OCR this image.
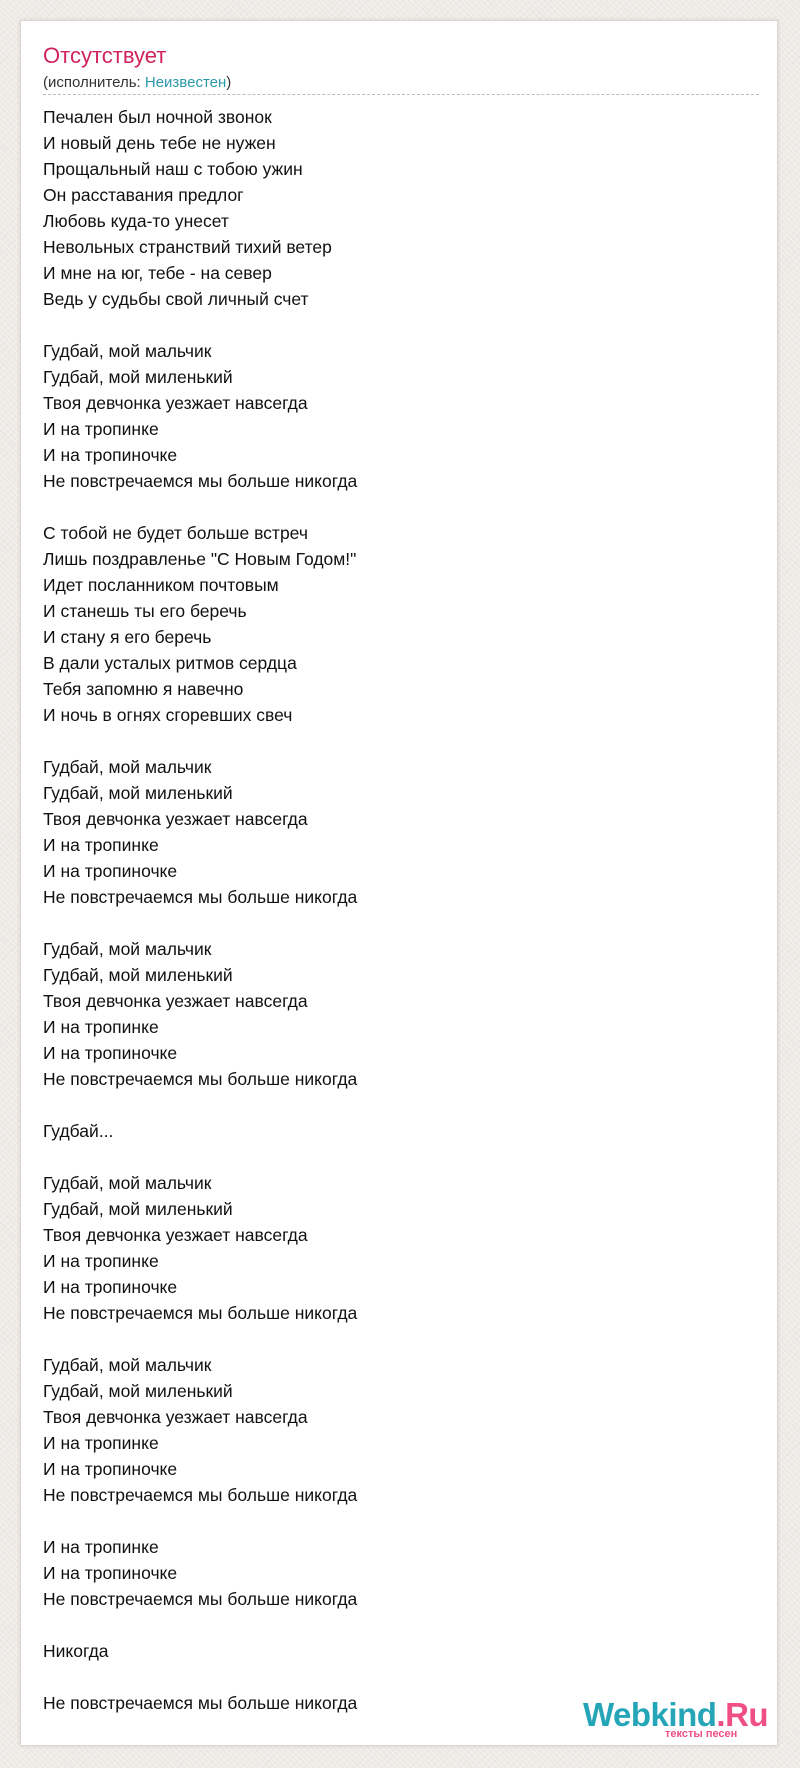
Отсутствует
(исполнитель: Неизвестен)
Печален был ночной звонок
И новый день тебе не нужен
Прощальный наш с тобою ужин
Он расставания предлог
Любовь куда-то унесет
Невольных странствий тихий ветер
И мне на юг, тебе - на север
Ведь у судьбы свой личный счет
Гудбай, мой мальчик
Гудбай, мой миленький
Твоя девчонка уезжает навсегда
И на тропинке
И на тропиночке
Не повстречаемся мы больше никогда
С тобой не будет больше встреч
Лишь поздравленье "С Новым Годом!"
Идет посланником почтовым
И станешь ты его беречь
И стану я его беречь
В дали усталых ритмов сердца
Тебя запомню я навечно
И ночь в огнях сгоревших свеч
Гудбай, мой мальчик
Гудбай, мой миленький
Твоя девчонка уезжает навсегда
И на тропинке
И на тропиночке
Не повстречаемся мы больше никогда
Гудбай, мой мальчик
Гудбай, мой миленький
Твоя девчонка уезжает навсегда
И на тропинке
И на тропиночке
Не повстречаемся мы больше никогда
Гудбай...
Гудбай, мой мальчик
Гудбай, мой миленький
Твоя девчонка уезжает навсегда
И на тропинке
И на тропиночке
Не повстречаемся мы больше никогда
Гудбай, мой мальчик
Гудбай, мой миленький
Твоя девчонка уезжает навсегда
И на тропинке
И на тропиночке
Не повстречаемся мы больше никогда
И на тропинке
И на тропиночке
Не повстречаемся мы больше никогда
Никогда
Не повстречаемся мы больше никогда	Webkind.Ru
тексты песен
